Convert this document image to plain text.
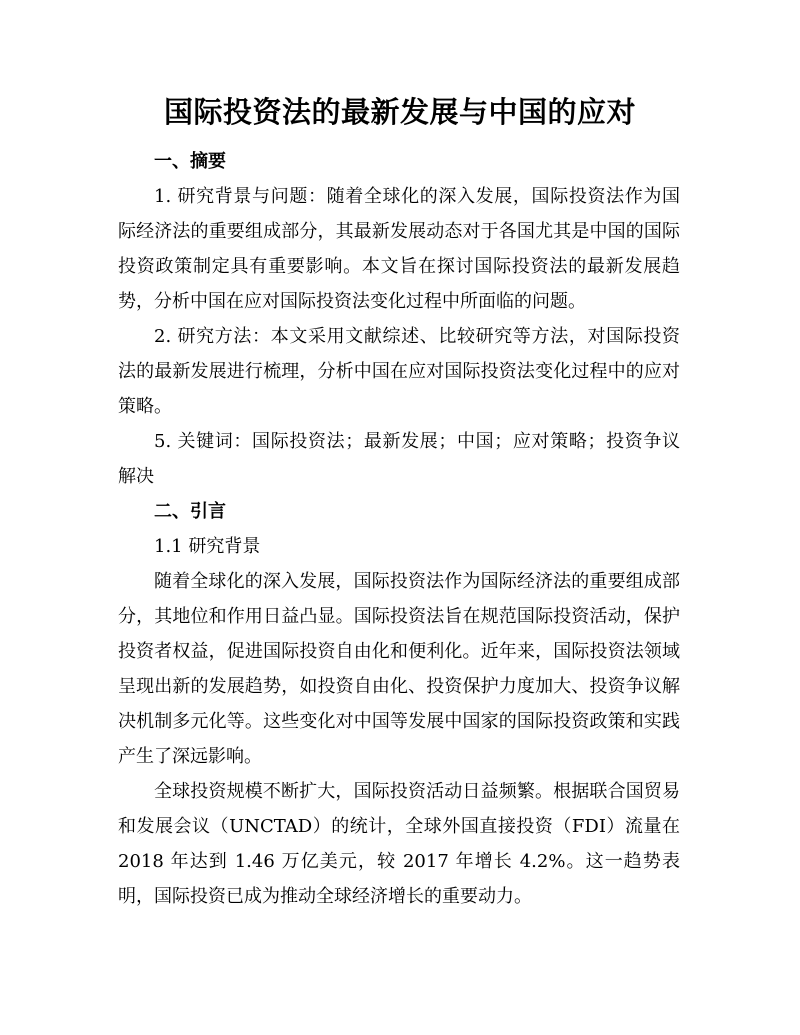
国际投资法的最新发展与中国的应对
一、摘要

1. 研究背景与问题：随着全球化的深入发展，国际投资法作为国际经济法的重要组成部分，其最新发展动态对于各国尤其是中国的国际投资政策制定具有重要影响。本文旨在探讨国际投资法的最新发展趋势，分析中国在应对国际投资法变化过程中所面临的问题。

2. 研究方法：本文采用文献综述、比较研究等方法，对国际投资法的最新发展进行梳理，分析中国在应对国际投资法变化过程中的应对策略。

5. 关键词：国际投资法；最新发展；中国；应对策略；投资争议解决

二、引言
1.1 研究背景

随着全球化的深入发展，国际投资法作为国际经济法的重要组成部分，其地位和作用日益凸显。国际投资法旨在规范国际投资活动，保护投资者权益，促进国际投资自由化和便利化。近年来，国际投资法领域呈现出新的发展趋势，如投资自由化、投资保护力度加大、投资争议解决机制多元化等。这些变化对中国等发展中国家的国际投资政策和实践产生了深远影响。

全球投资规模不断扩大，国际投资活动日益频繁。根据联合国贸易和发展会议（UNCTAD）的统计，全球外国直接投资（FDI）流量在 2018 年达到 1.46 万亿美元，较 2017 年增长 4.2%。这一趋势表明，国际投资已成为推动全球经济增长的重要动力。
